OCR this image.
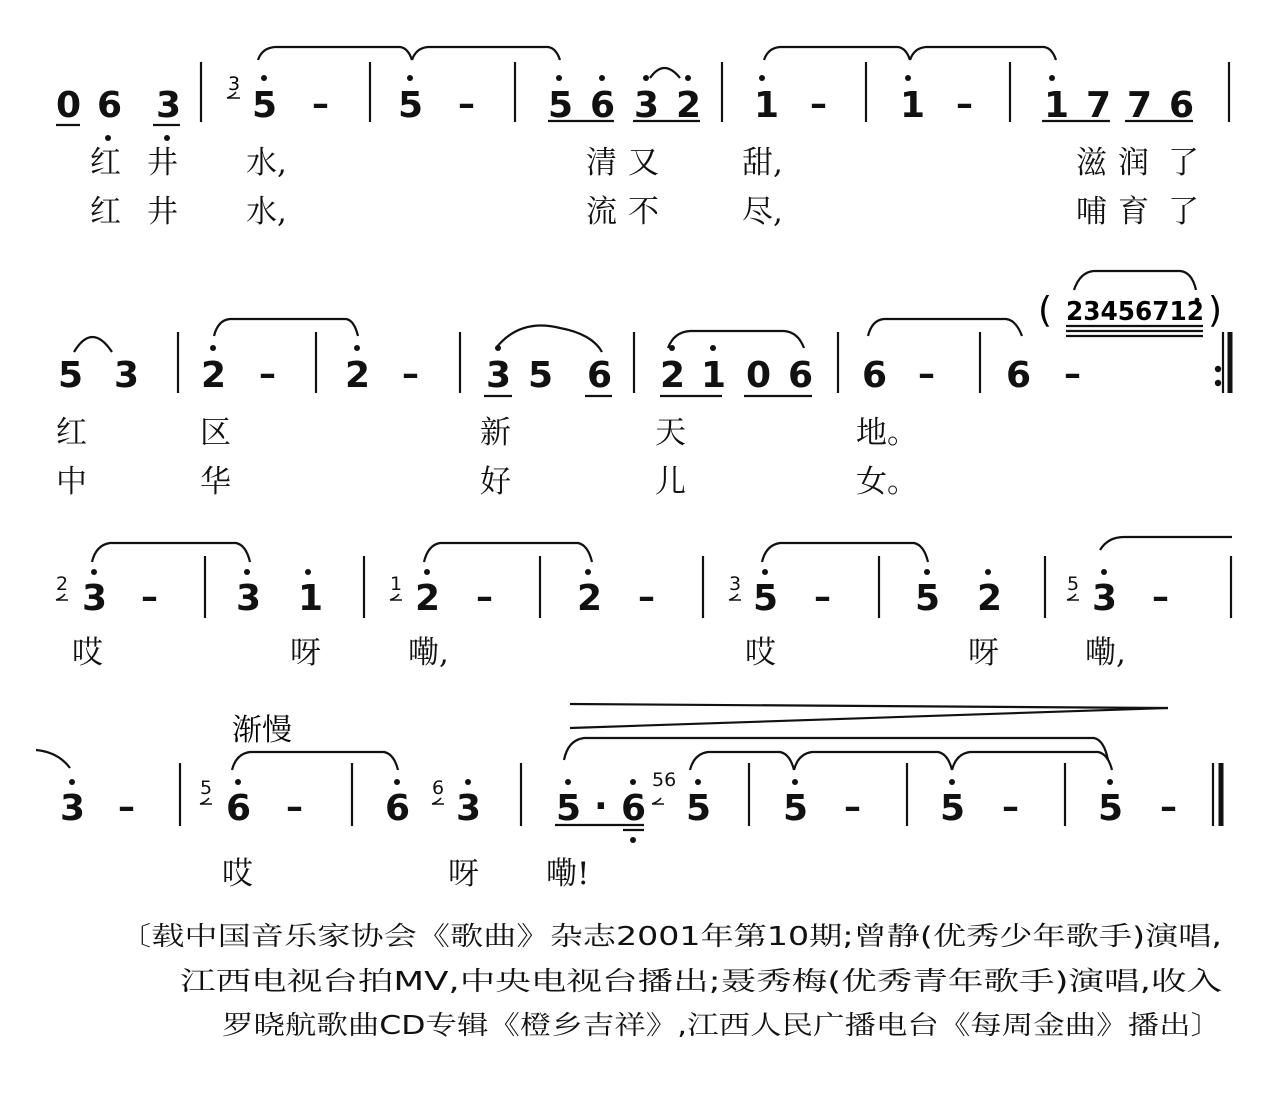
0 6 3 5 – 5 – 5 6 3 2 1 – 1 – 1 7 7 6
3
红 井 水,	清 又	甜,	滋 润 了
红 井 水,	流 不	尽,	哺 育 了
5 3 2 – 2 – 3 5 6 2 1 0 6 6 – 6 –
( 23456712 )
红	区	新	天	地。
中	华	好	儿	女。
3 – 3 1	2 – 2 –	5 – 5 2 3 –
2	1	3	5
哎	呀	嘞,	哎	呀	嘞,
渐慢
3 –	6 – 6 3 5 · 6 5 5 – 5 – 5 –
5	6	56
哎	呀 嘞!
〔载中国音乐家协会《歌曲》杂志2001年第10期;曾静(优秀少年歌手)演唱,
江西电视台拍MV,中央电视台播出;聂秀梅(优秀青年歌手)演唱,收入
罗晓航歌曲CD专辑《橙乡吉祥》,江西人民广播电台《每周金曲》播出〕
